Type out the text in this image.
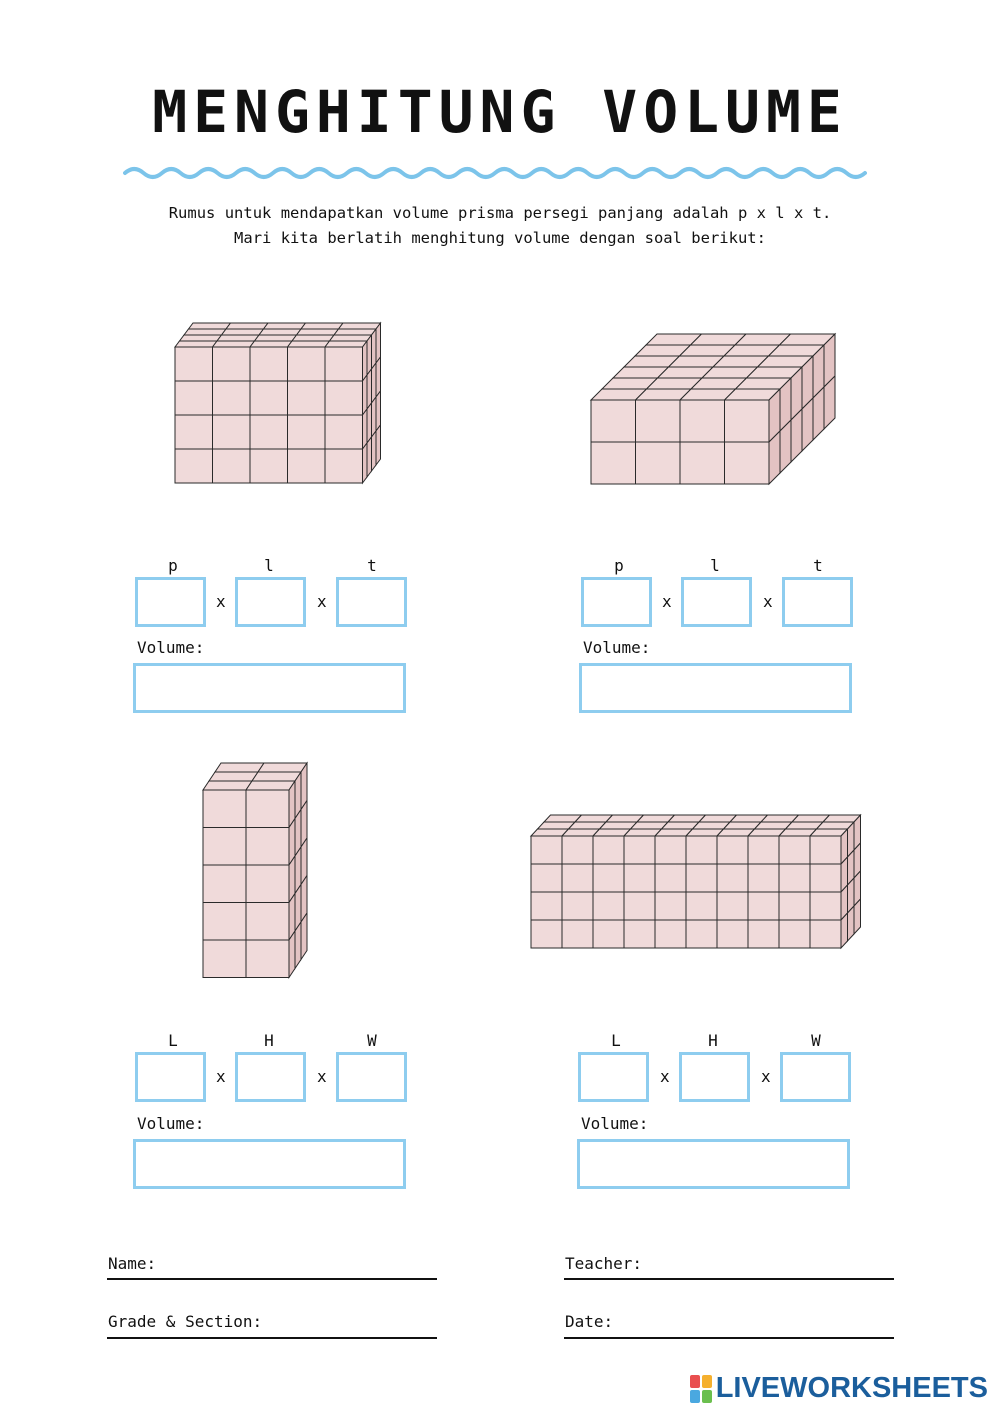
MENGHITUNG VOLUME
Rumus untuk mendapatkan volume prisma persegi panjang adalah p x l x t.
Mari kita berlatih menghitung volume dengan soal berikut:
p	l	t
x	x
Volume:
p	l	t
x	x
Volume:
L	H	W
x	x
Volume:
L	H	W
x	x
Volume:
Name:	Teacher:
Grade & Section:	Date:
LIVEWORKSHEETS
